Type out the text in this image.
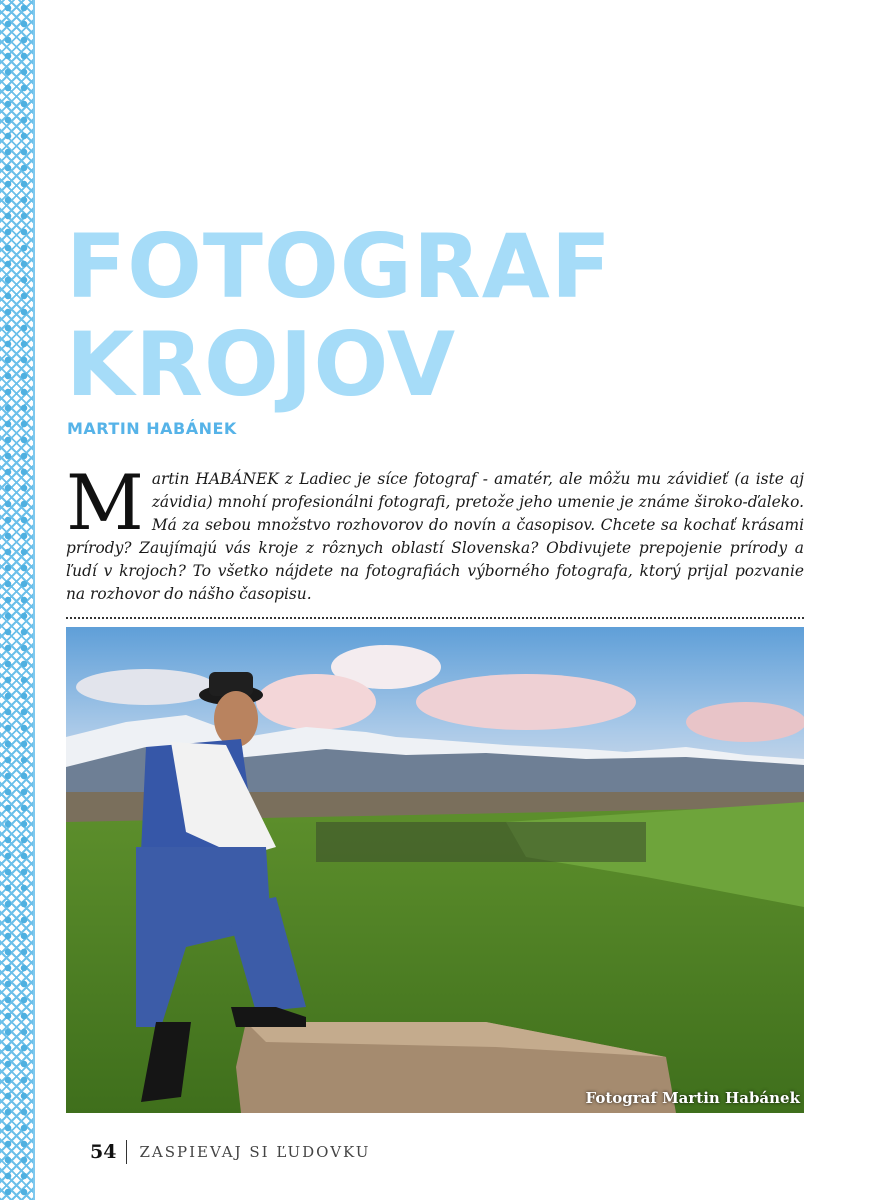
FOTOGRAF
KROJOV
MARTIN HABÁNEK

Martin HABÁNEK z Ladiec je síce fotograf - amatér, ale môžu mu závidieť (a iste aj závidia) mnohí profesionálni fotografi, pretože jeho umenie je známe široko-ďaleko. Má za sebou množstvo rozhovorov do novín a časopisov. Chcete sa kochať krásami prírody? Zaujímajú vás kroje z rôznych oblastí Slovenska? Obdivujete prepojenie prírody a ľudí v krojoch? To všetko nájdete na fotografiách výborného fotografa, ktorý prijal pozvanie na rozhovor do nášho časopisu.

Fotograf Martin Habánek
54 ZASPIEVAJ SI ĽUDOVKU
